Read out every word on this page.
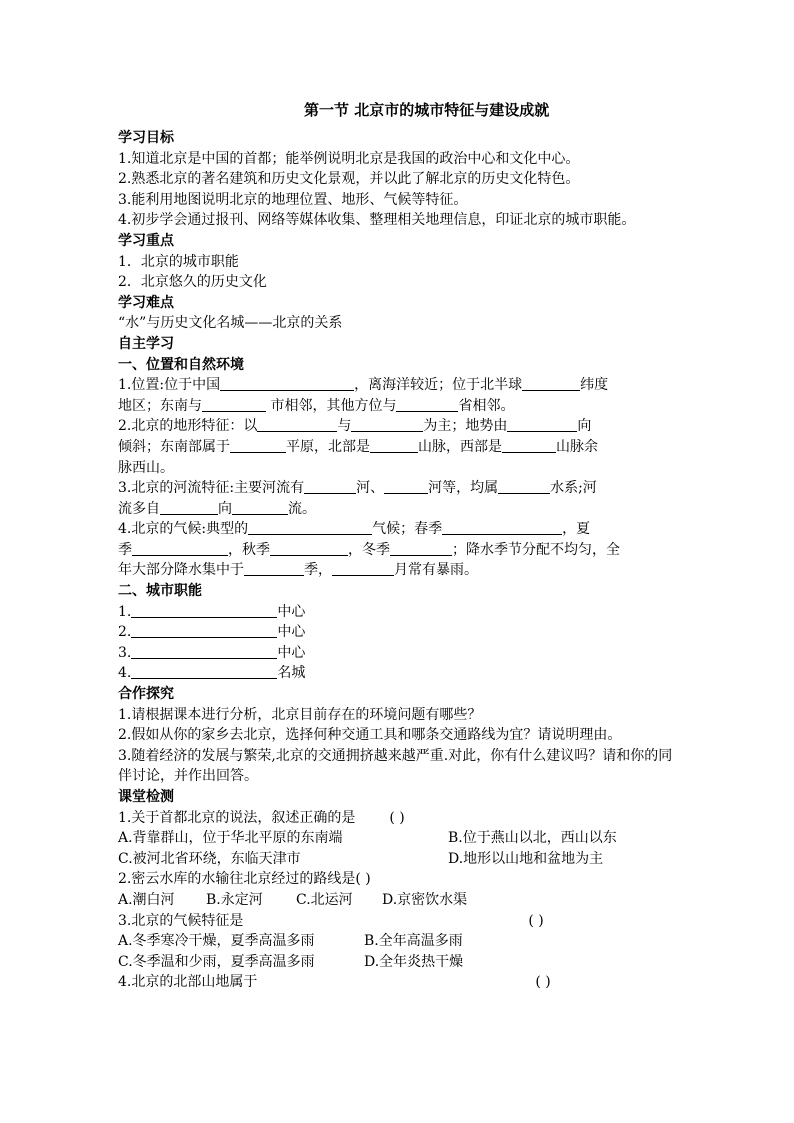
第一节 北京市的城市特征与建设成就
学习目标
1.知道北京是中国的首都；能举例说明北京是我国的政治中心和文化中心。
2.熟悉北京的著名建筑和历史文化景观，并以此了解北京的历史文化特色。
3.能利用地图说明北京的地理位置、地形、气候等特征。
4.初步学会通过报刊、网络等媒体收集、整理相关地理信息，印证北京的城市职能。
学习重点
1．北京的城市职能
2．北京悠久的历史文化
学习难点
“水”与历史文化名城——北京的关系
自主学习
一、位置和自然环境
1.位置:位于中国	，离海洋较近；位于北半球	纬度
地区；东南与	市相邻，其他方位与	省相邻。
2.北京的地形特征：以	与	为主；地势由	向
倾斜；东南部属于	平原，北部是	山脉，西部是	山脉余
脉西山。
3.北京的河流特征:主要河流有	河、	河等，均属	水系;河
流多自	向	流。
4.北京的气候:典型的	气候；春季	，夏
季	，秋季	，冬季	；降水季节分配不均匀，全
年大部分降水集中于	季，	月常有暴雨。
二、城市职能
1.	中心
2.	中心
3.	中心
4.	名城
合作探究
1.请根据课本进行分析，北京目前存在的环境问题有哪些？
2.假如从你的家乡去北京，选择何种交通工具和哪条交通路线为宜？请说明理由。
3.随着经济的发展与繁荣,北京的交通拥挤越来越严重.对此，你有什么建议吗？请和你的同伴讨论，并作出回答。
课堂检测
1.关于首都北京的说法，叙述正确的是 ( )
A.背靠群山，位于华北平原的东南端	B.位于燕山以北，西山以东
C.被河北省环绕，东临天津市	D.地形以山地和盆地为主
2.密云水库的水输往北京经过的路线是( )
A.潮白河 B.永定河 C.北运河 D.京密饮水渠
3.北京的气候特征是	( )
A.冬季寒冷干燥，夏季高温多雨	B.全年高温多雨
C.冬季温和少雨，夏季高温多雨	D.全年炎热干燥
4.北京的北部山地属于	( )
